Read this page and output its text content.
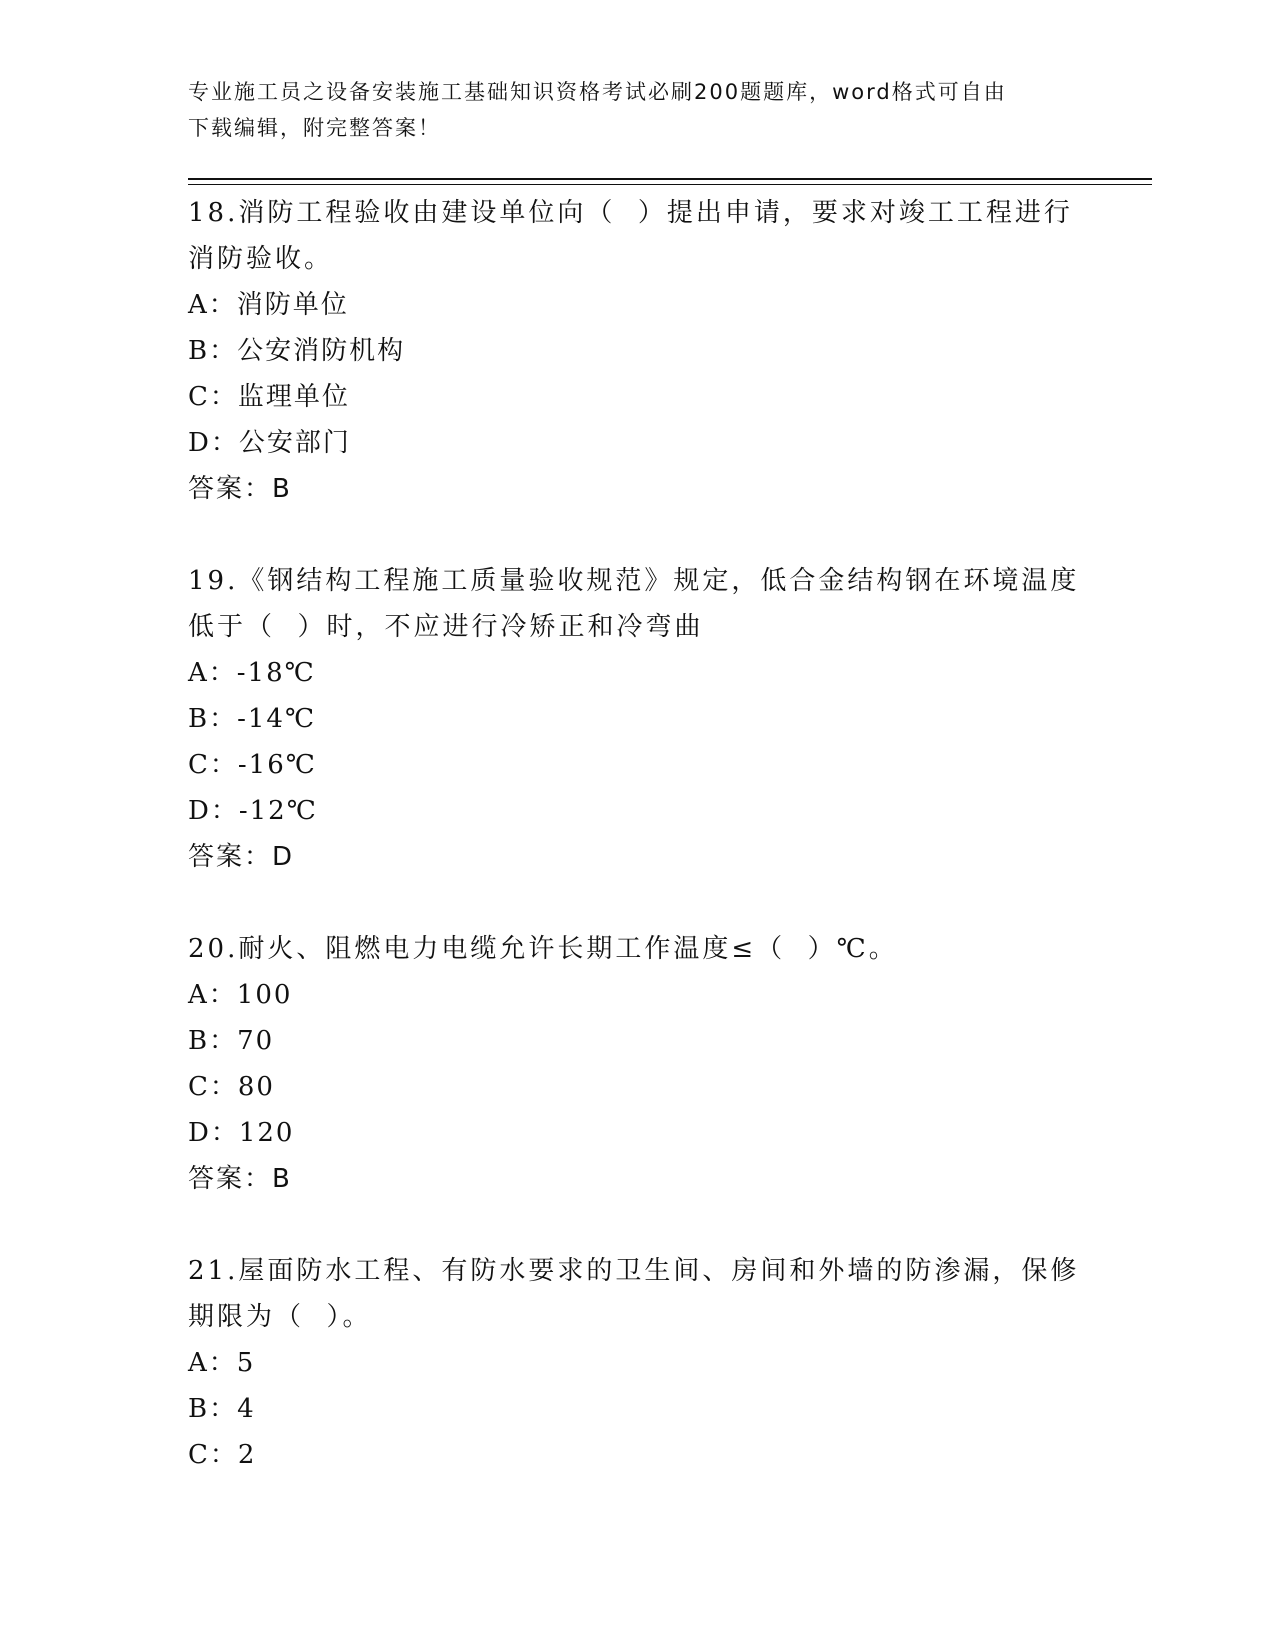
专业施工员之设备安装施工基础知识资格考试必刷200题题库，word格式可自由
下载编辑，附完整答案！
18.消防工程验收由建设单位向（  ）提出申请，要求对竣工工程进行
消防验收。
A：消防单位
B：公安消防机构
C：监理单位
D：公安部门
答案：B
19.《钢结构工程施工质量验收规范》规定，低合金结构钢在环境温度
低于（  ）时，不应进行冷矫正和冷弯曲
A：-18℃
B：-14℃
C：-16℃
D：-12℃
答案：D
20.耐火、阻燃电力电缆允许长期工作温度≤（  ）℃。
A：100
B：70
C：80
D：120
答案：B
21.屋面防水工程、有防水要求的卫生间、房间和外墙的防渗漏，保修
期限为（  ）。
A：5
B：4
C：2
